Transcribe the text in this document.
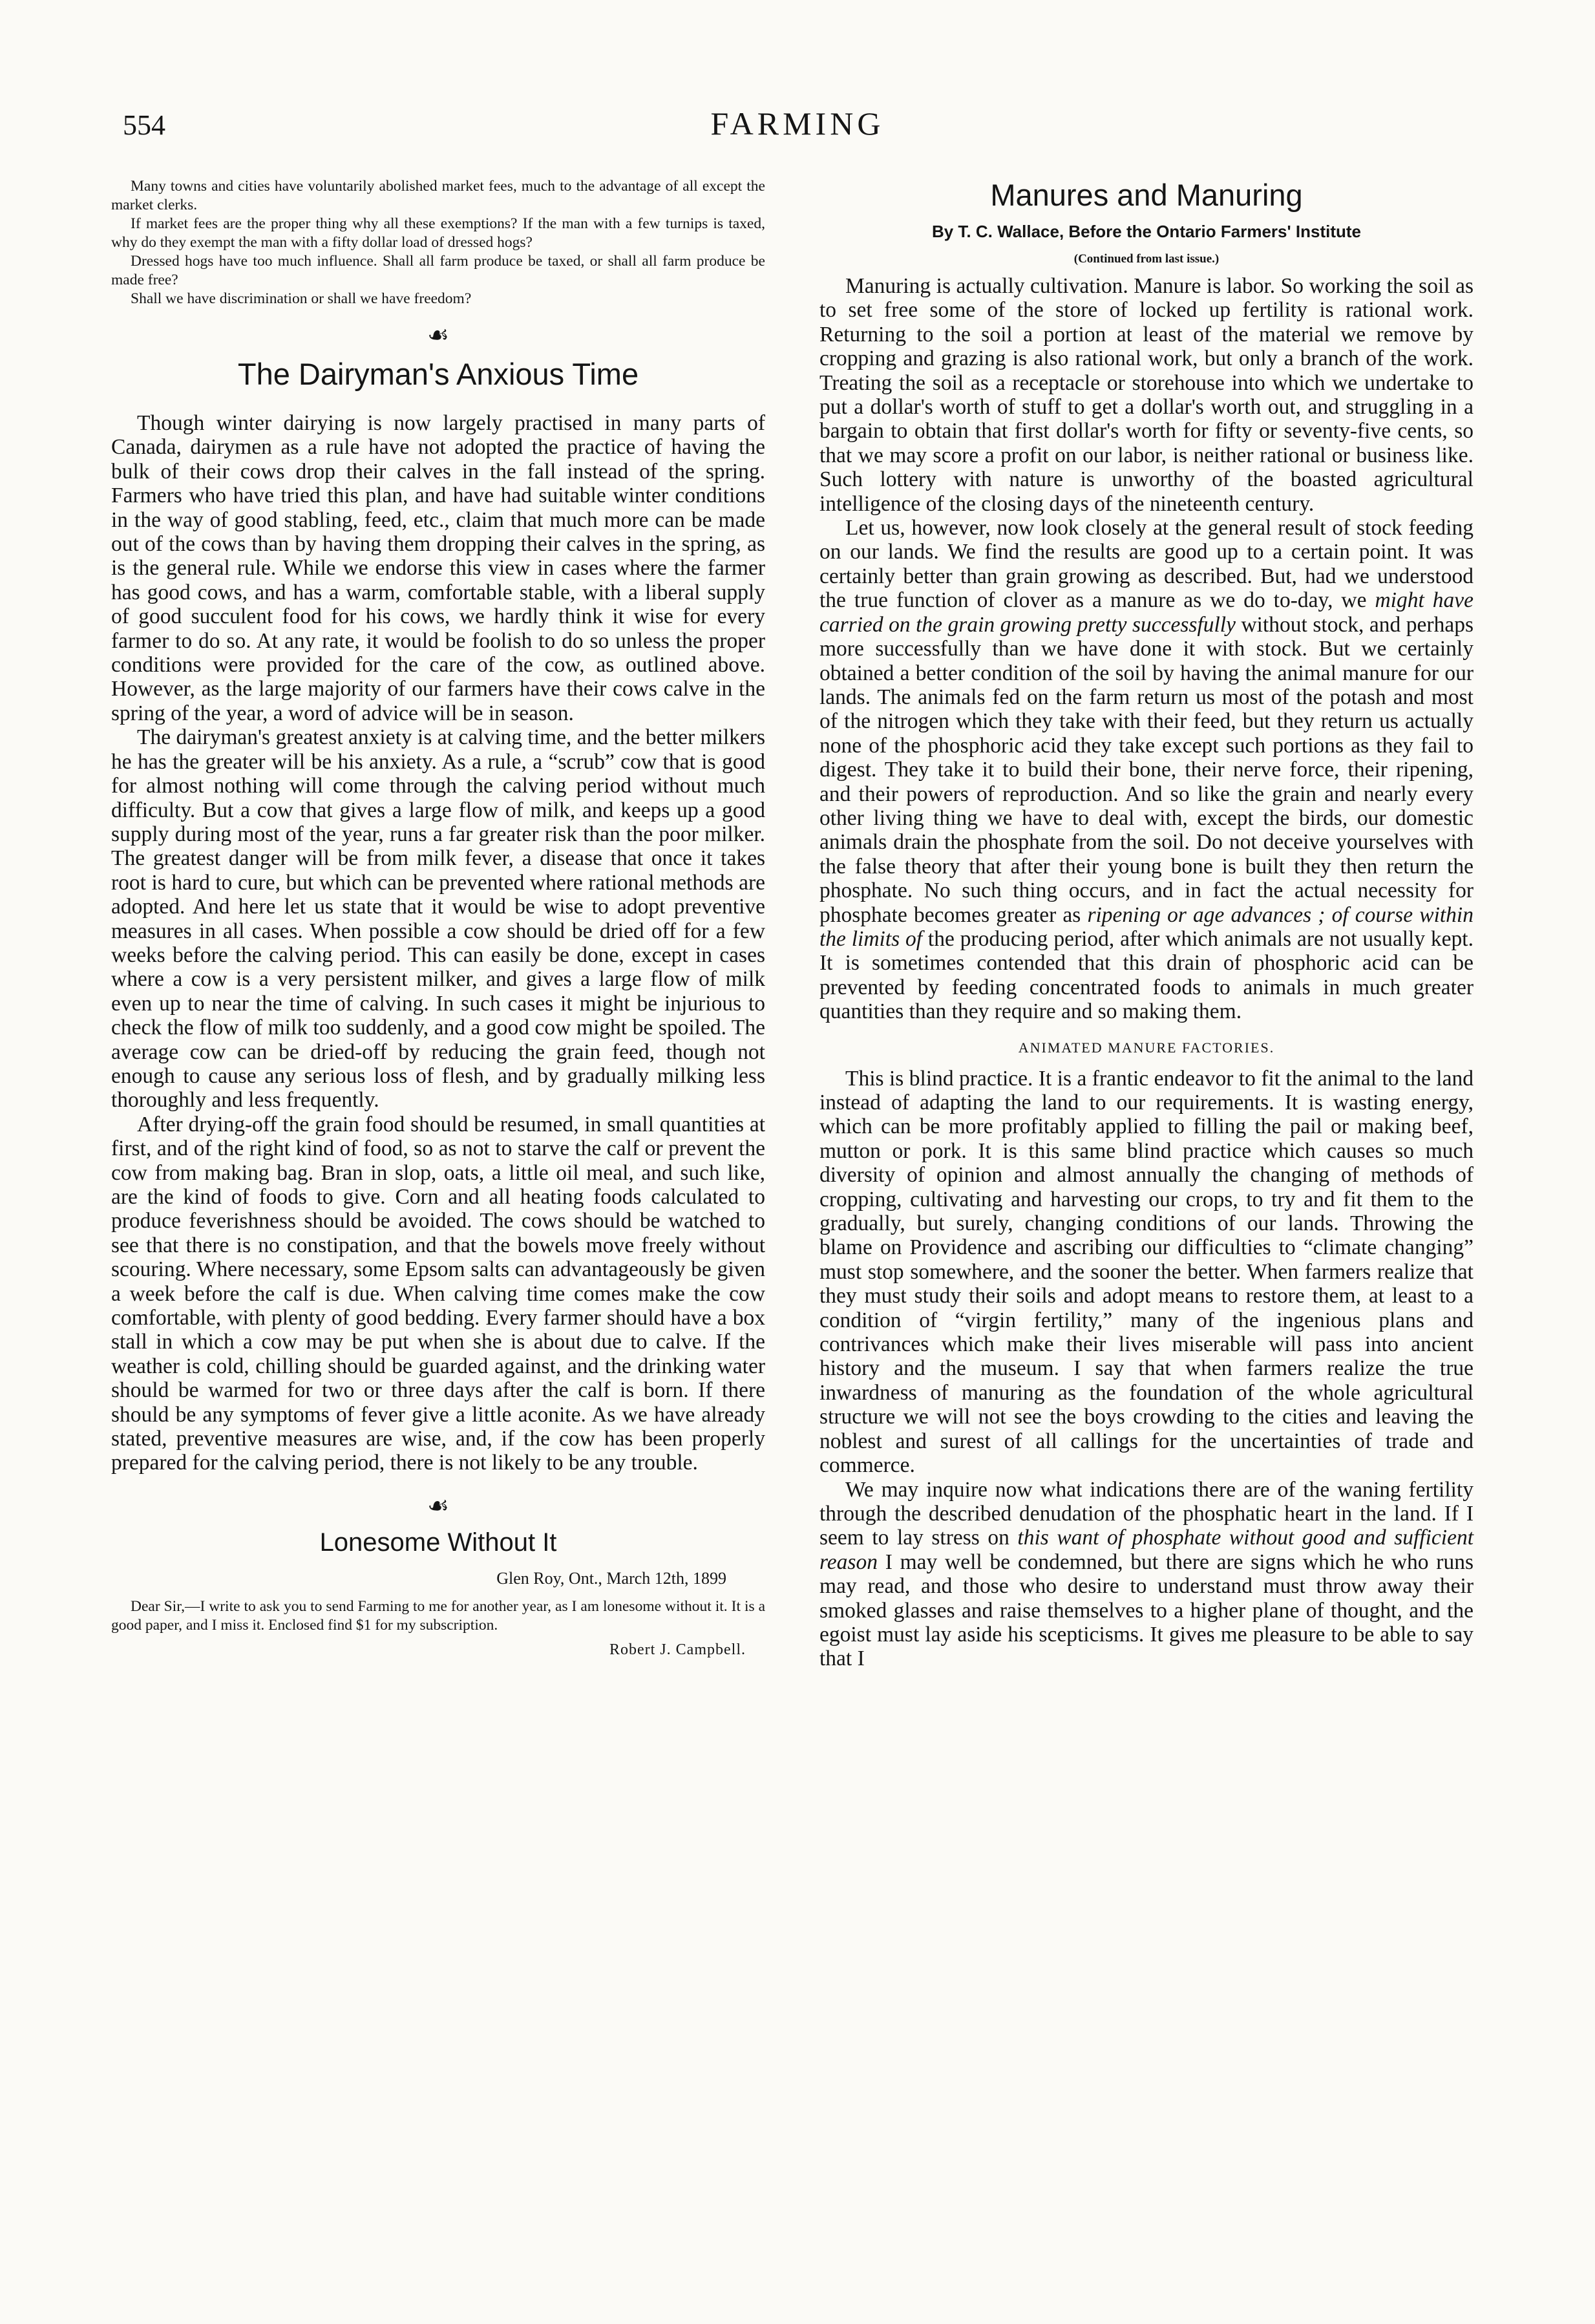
554	FARMING

Many towns and cities have voluntarily abolished market fees, much to the advantage of all except the market clerks.

If market fees are the proper thing why all these exemptions? If the man with a few turnips is taxed, why do they exempt the man with a fifty dollar load of dressed hogs?

Dressed hogs have too much influence. Shall all farm produce be taxed, or shall all farm produce be made free?

Shall we have discrimination or shall we have freedom?

☙
The Dairyman's Anxious Time

Though winter dairying is now largely practised in many parts of Canada, dairymen as a rule have not adopted the practice of having the bulk of their cows drop their calves in the fall instead of the spring. Farmers who have tried this plan, and have had suitable winter conditions in the way of good stabling, feed, etc., claim that much more can be made out of the cows than by having them dropping their calves in the spring, as is the general rule. While we endorse this view in cases where the farmer has good cows, and has a warm, comfortable stable, with a liberal supply of good succulent food for his cows, we hardly think it wise for every farmer to do so. At any rate, it would be foolish to do so unless the proper conditions were provided for the care of the cow, as outlined above. However, as the large majority of our farmers have their cows calve in the spring of the year, a word of advice will be in season.

The dairyman's greatest anxiety is at calving time, and the better milkers he has the greater will be his anxiety. As a rule, a “scrub” cow that is good for almost nothing will come through the calving period without much difficulty. But a cow that gives a large flow of milk, and keeps up a good supply during most of the year, runs a far greater risk than the poor milker. The greatest danger will be from milk fever, a disease that once it takes root is hard to cure, but which can be prevented where rational methods are adopted. And here let us state that it would be wise to adopt preventive measures in all cases. When possible a cow should be dried off for a few weeks before the calving period. This can easily be done, except in cases where a cow is a very persistent milker, and gives a large flow of milk even up to near the time of calving. In such cases it might be injurious to check the flow of milk too suddenly, and a good cow might be spoiled. The average cow can be dried-off by reducing the grain feed, though not enough to cause any serious loss of flesh, and by gradually milking less thoroughly and less frequently.

After drying-off the grain food should be resumed, in small quantities at first, and of the right kind of food, so as not to starve the calf or prevent the cow from making bag. Bran in slop, oats, a little oil meal, and such like, are the kind of foods to give. Corn and all heating foods calculated to produce feverishness should be avoided. The cows should be watched to see that there is no constipation, and that the bowels move freely without scouring. Where necessary, some Epsom salts can advantageously be given a week before the calf is due. When calving time comes make the cow comfortable, with plenty of good bedding. Every farmer should have a box stall in which a cow may be put when she is about due to calve. If the weather is cold, chilling should be guarded against, and the drinking water should be warmed for two or three days after the calf is born. If there should be any symptoms of fever give a little aconite. As we have already stated, preventive measures are wise, and, if the cow has been properly prepared for the calving period, there is not likely to be any trouble.

☙
Lonesome Without It
Glen Roy, Ont., March 12th, 1899

Dear Sir,—I write to ask you to send Farming to me for another year, as I am lonesome without it. It is a good paper, and I miss it. Enclosed find $1 for my subscription.

Robert J. Campbell.
Manures and Manuring
By T. C. Wallace, Before the Ontario Farmers' Institute
(Continued from last issue.)

Manuring is actually cultivation. Manure is labor. So working the soil as to set free some of the store of locked up fertility is rational work. Returning to the soil a portion at least of the material we remove by cropping and grazing is also rational work, but only a branch of the work. Treating the soil as a receptacle or storehouse into which we undertake to put a dollar's worth of stuff to get a dollar's worth out, and struggling in a bargain to obtain that first dollar's worth for fifty or seventy-five cents, so that we may score a profit on our labor, is neither rational or business like. Such lottery with nature is unworthy of the boasted agricultural intelligence of the closing days of the nineteenth century.

Let us, however, now look closely at the general result of stock feeding on our lands. We find the results are good up to a certain point. It was certainly better than grain growing as described. But, had we understood the true function of clover as a manure as we do to-day, we might have carried on the grain growing pretty successfully without stock, and perhaps more successfully than we have done it with stock. But we certainly obtained a better condition of the soil by having the animal manure for our lands. The animals fed on the farm return us most of the potash and most of the nitrogen which they take with their feed, but they return us actually none of the phosphoric acid they take except such portions as they fail to digest. They take it to build their bone, their nerve force, their ripening, and their powers of reproduction. And so like the grain and nearly every other living thing we have to deal with, except the birds, our domestic animals drain the phosphate from the soil. Do not deceive yourselves with the false theory that after their young bone is built they then return the phosphate. No such thing occurs, and in fact the actual necessity for phosphate becomes greater as ripening or age advances ; of course within the limits of the producing period, after which animals are not usually kept. It is sometimes contended that this drain of phosphoric acid can be prevented by feeding concentrated foods to animals in much greater quantities than they require and so making them.

ANIMATED MANURE FACTORIES.

This is blind practice. It is a frantic endeavor to fit the animal to the land instead of adapting the land to our requirements. It is wasting energy, which can be more profitably applied to filling the pail or making beef, mutton or pork. It is this same blind practice which causes so much diversity of opinion and almost annually the changing of methods of cropping, cultivating and harvesting our crops, to try and fit them to the gradually, but surely, changing conditions of our lands. Throwing the blame on Providence and ascribing our difficulties to “climate changing” must stop somewhere, and the sooner the better. When farmers realize that they must study their soils and adopt means to restore them, at least to a condition of “virgin fertility,” many of the ingenious plans and contrivances which make their lives miserable will pass into ancient history and the museum. I say that when farmers realize the true inwardness of manuring as the foundation of the whole agricultural structure we will not see the boys crowding to the cities and leaving the noblest and surest of all callings for the uncertainties of trade and commerce.

We may inquire now what indications there are of the waning fertility through the described denudation of the phosphatic heart in the land. If I seem to lay stress on this want of phosphate without good and sufficient reason I may well be condemned, but there are signs which he who runs may read, and those who desire to understand must throw away their smoked glasses and raise themselves to a higher plane of thought, and the egoist must lay aside his scepticisms. It gives me pleasure to be able to say that I
